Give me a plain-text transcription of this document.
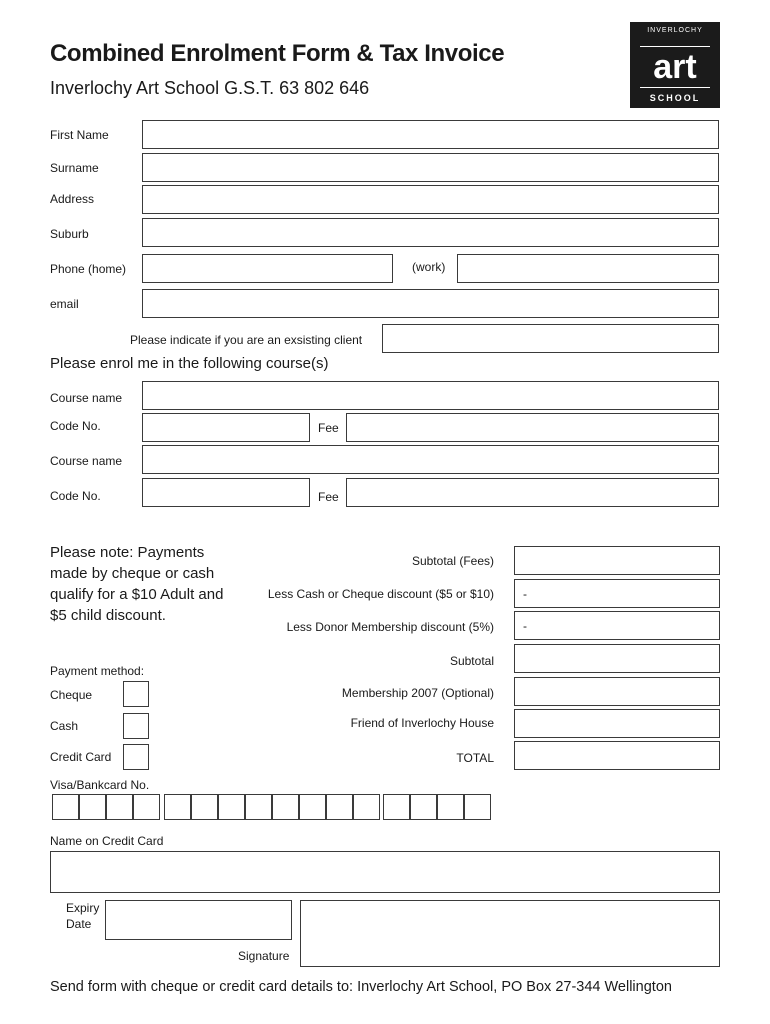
Combined Enrolment Form & Tax Invoice
Inverlochy Art School G.S.T. 63 802 646
INVERLOCHY
art
SCHOOL
First Name
Surname
Address
Suburb
Phone (home)	(work)
email
Please indicate if you are an exsisting client
Please enrol me in the following course(s)
Course name
Code No.	Fee
Course name
Code No.	Fee
Please note: Payments made by cheque or cash qualify for a $10 Adult and $5 child discount.
Subtotal (Fees)
Less Cash or Cheque discount ($5 or $10) -
Less Donor Membership discount (5%) -
Subtotal
Membership 2007 (Optional)
Friend of Inverlochy House
TOTAL
Payment method:
Cheque
Cash
Credit Card
Visa/Bankcard No.
Name on Credit Card
Expiry
Date
Signature
Send form with cheque or credit card details to: Inverlochy Art School, PO Box 27-344 Wellington
